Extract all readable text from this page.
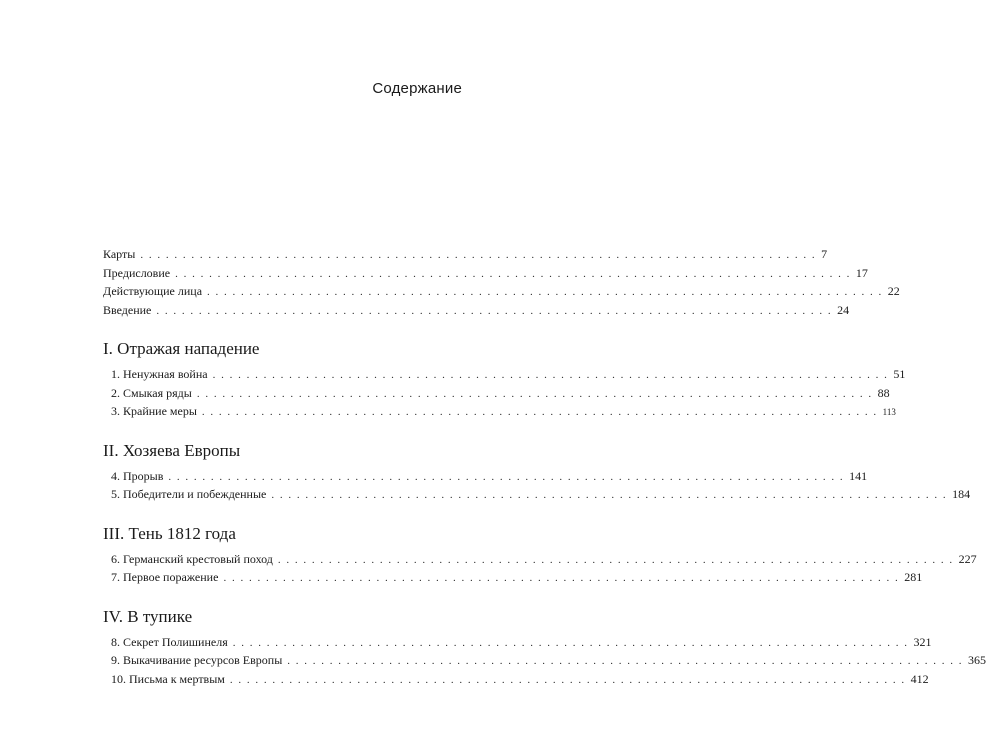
Содержание
Карты . . . . . . . . . . . . . . . . . . . . . . . . . . . . . . . . . . . . . . . . . . . . . . . . . . . . . . . . . . . . . . . . . . . . . . . . . . . . . . . . 7
Предисловие . . . . . . . . . . . . . . . . . . . . . . . . . . . . . . . . . . . . . . . . . . . . . . . . . . . . . . . . . . . . . . . . . . . . . . . . . . . . . . . . 17
Действующие лица . . . . . . . . . . . . . . . . . . . . . . . . . . . . . . . . . . . . . . . . . . . . . . . . . . . . . . . . . . . . . . . . . . . . . . . . . . . . . . . . 22
Введение . . . . . . . . . . . . . . . . . . . . . . . . . . . . . . . . . . . . . . . . . . . . . . . . . . . . . . . . . . . . . . . . . . . . . . . . . . . . . . . . 24
I. Отражая нападение
1. Ненужная война . . . . . . . . . . . . . . . . . . . . . . . . . . . . . . . . . . . . . . . . . . . . . . . . . . . . . . . . . . . . . . . . . . . . . . . . . . . . . . . . 51
2. Смыкая ряды . . . . . . . . . . . . . . . . . . . . . . . . . . . . . . . . . . . . . . . . . . . . . . . . . . . . . . . . . . . . . . . . . . . . . . . . . . . . . . . . 88
3. Крайние меры . . . . . . . . . . . . . . . . . . . . . . . . . . . . . . . . . . . . . . . . . . . . . . . . . . . . . . . . . . . . . . . . . . . . . . . . . . . . . . . . 113
II. Хозяева Европы
4. Прорыв . . . . . . . . . . . . . . . . . . . . . . . . . . . . . . . . . . . . . . . . . . . . . . . . . . . . . . . . . . . . . . . . . . . . . . . . . . . . . . . . 141
5. Победители и побежденные . . . . . . . . . . . . . . . . . . . . . . . . . . . . . . . . . . . . . . . . . . . . . . . . . . . . . . . . . . . . . . . . . . . . . . . . . . . . . . . . 184
III. Тень 1812 года
6. Германский крестовый поход . . . . . . . . . . . . . . . . . . . . . . . . . . . . . . . . . . . . . . . . . . . . . . . . . . . . . . . . . . . . . . . . . . . . . . . . . . . . . . . . 227
7. Первое поражение . . . . . . . . . . . . . . . . . . . . . . . . . . . . . . . . . . . . . . . . . . . . . . . . . . . . . . . . . . . . . . . . . . . . . . . . . . . . . . . . 281
IV. В тупике
8. Секрет Полишинеля . . . . . . . . . . . . . . . . . . . . . . . . . . . . . . . . . . . . . . . . . . . . . . . . . . . . . . . . . . . . . . . . . . . . . . . . . . . . . . . . 321
9. Выкачивание ресурсов Европы . . . . . . . . . . . . . . . . . . . . . . . . . . . . . . . . . . . . . . . . . . . . . . . . . . . . . . . . . . . . . . . . . . . . . . . . . . . . . . . . 365
10. Письма к мертвым . . . . . . . . . . . . . . . . . . . . . . . . . . . . . . . . . . . . . . . . . . . . . . . . . . . . . . . . . . . . . . . . . . . . . . . . . . . . . . . . 412
